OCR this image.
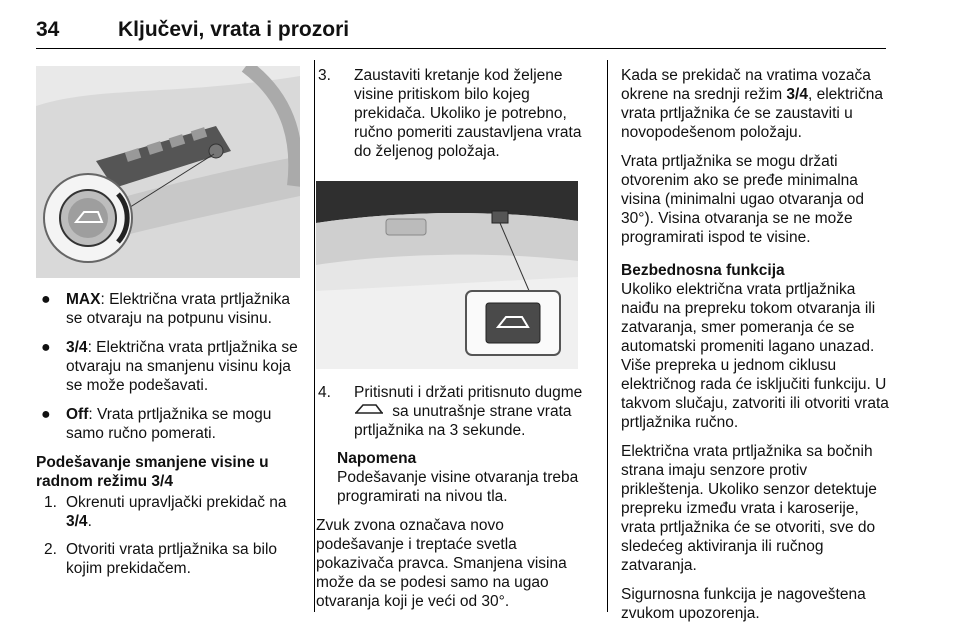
34	Ključevi, vrata i prozori
● MAX: Električna vrata prtljažnika se otvaraju na potpunu visinu.
● 3/4: Električna vrata prtljažnika se otvaraju na smanjenu visinu koja se može podešavati.
● Off: Vrata prtljažnika se mogu samo ručno pomerati.

Podešavanje smanjene visine u radnom režimu 3/4

1. Okrenuti upravljački prekidač na 3/4.
2. Otvoriti vrata prtljažnika sa bilo kojim prekidačem.
3. Zaustaviti kretanje kod željene visine pritiskom bilo kojeg prekidača. Ukoliko je potrebno, ručno pomeriti zaustavljena vrata do željenog položaja.
4. Pritisnuti i držati pritisnuto dugme  sa unutrašnje strane vrata prtljažnika na 3 sekunde.

Napomena

Podešavanje visine otvaranja treba programirati na nivou tla.

Zvuk zvona označava novo podešavanje i treptaće svetla pokazivača pravca. Smanjena visina može da se podesi samo na ugao otvaranja koji je veći od 30°.

Kada se prekidač na vratima vozača okrene na srednji režim 3/4, električna vrata prtljažnika će se zaustaviti u novopodešenom položaju.

Vrata prtljažnika se mogu držati otvorenim ako se pređe minimalna visina (minimalni ugao otvaranja od 30°). Visina otvaranja se ne može programirati ispod te visine.

Bezbednosna funkcija

Ukoliko električna vrata prtljažnika naiđu na prepreku tokom otvaranja ili zatvaranja, smer pomeranja će se automatski promeniti lagano unazad. Više prepreka u jednom ciklusu električnog rada će isključiti funkciju. U takvom slučaju, zatvoriti ili otvoriti vrata prtljažnika ručno.

Električna vrata prtljažnika sa bočnih strana imaju senzore protiv prikleštenja. Ukoliko senzor detektuje prepreku između vrata i karoserije, vrata prtljažnika će se otvoriti, sve do sledećeg aktiviranja ili ručnog zatvaranja.

Sigurnosna funkcija je nagoveštena zvukom upozorenja.
